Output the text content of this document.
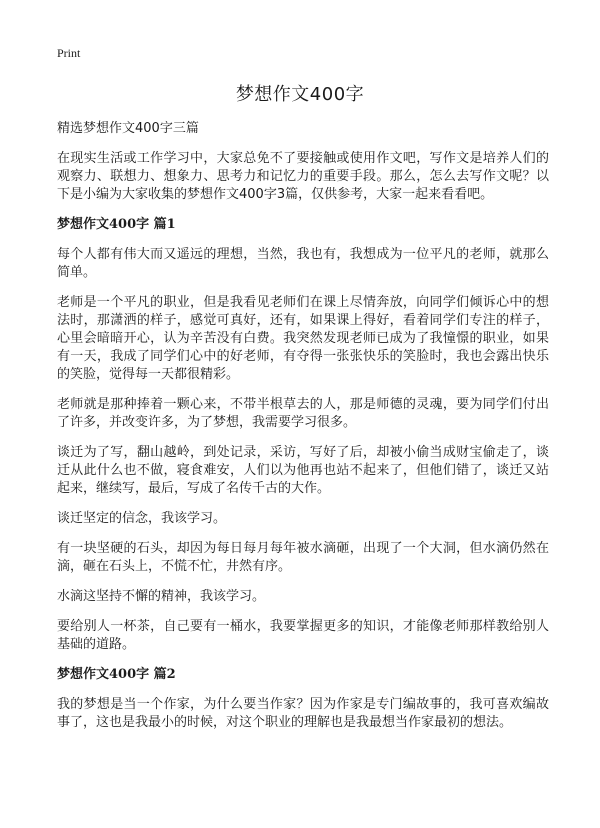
Print
梦想作文400字

精选梦想作文400字三篇

在现实生活或工作学习中，大家总免不了要接触或使用作文吧，写作文是培养人们的观察力、联想力、想象力、思考力和记忆力的重要手段。那么，怎么去写作文呢？以下是小编为大家收集的梦想作文400字3篇，仅供参考，大家一起来看看吧。

梦想作文400字 篇1

每个人都有伟大而又遥远的理想，当然，我也有，我想成为一位平凡的老师，就那么简单。

老师是一个平凡的职业，但是我看见老师们在课上尽情奔放，向同学们倾诉心中的想法时，那潇洒的样子，感觉可真好，还有，如果课上得好，看着同学们专注的样子，心里会暗暗开心，认为辛苦没有白费。我突然发现老师已成为了我憧憬的职业，如果有一天，我成了同学们心中的好老师，有夺得一张张快乐的笑脸时，我也会露出快乐的笑脸，觉得每一天都很精彩。

老师就是那种捧着一颗心来，不带半根草去的人，那是师德的灵魂，要为同学们付出了许多，并改变许多，为了梦想，我需要学习很多。

谈迁为了写，翻山越岭，到处记录，采访，写好了后，却被小偷当成财宝偷走了，谈迁从此什么也不做，寝食难安，人们以为他再也站不起来了，但他们错了，谈迁又站起来，继续写，最后，写成了名传千古的大作。

谈迁坚定的信念，我该学习。

有一块坚硬的石头，却因为每日每月每年被水滴砸，出现了一个大洞，但水滴仍然在滴，砸在石头上，不慌不忙，井然有序。

水滴这坚持不懈的精神，我该学习。

要给别人一杯茶，自己要有一桶水，我要掌握更多的知识，才能像老师那样教给别人基础的道路。

梦想作文400字 篇2

我的梦想是当一个作家，为什么要当作家？因为作家是专门编故事的，我可喜欢编故事了，这也是我最小的时候，对这个职业的理解也是我最想当作家最初的想法。
